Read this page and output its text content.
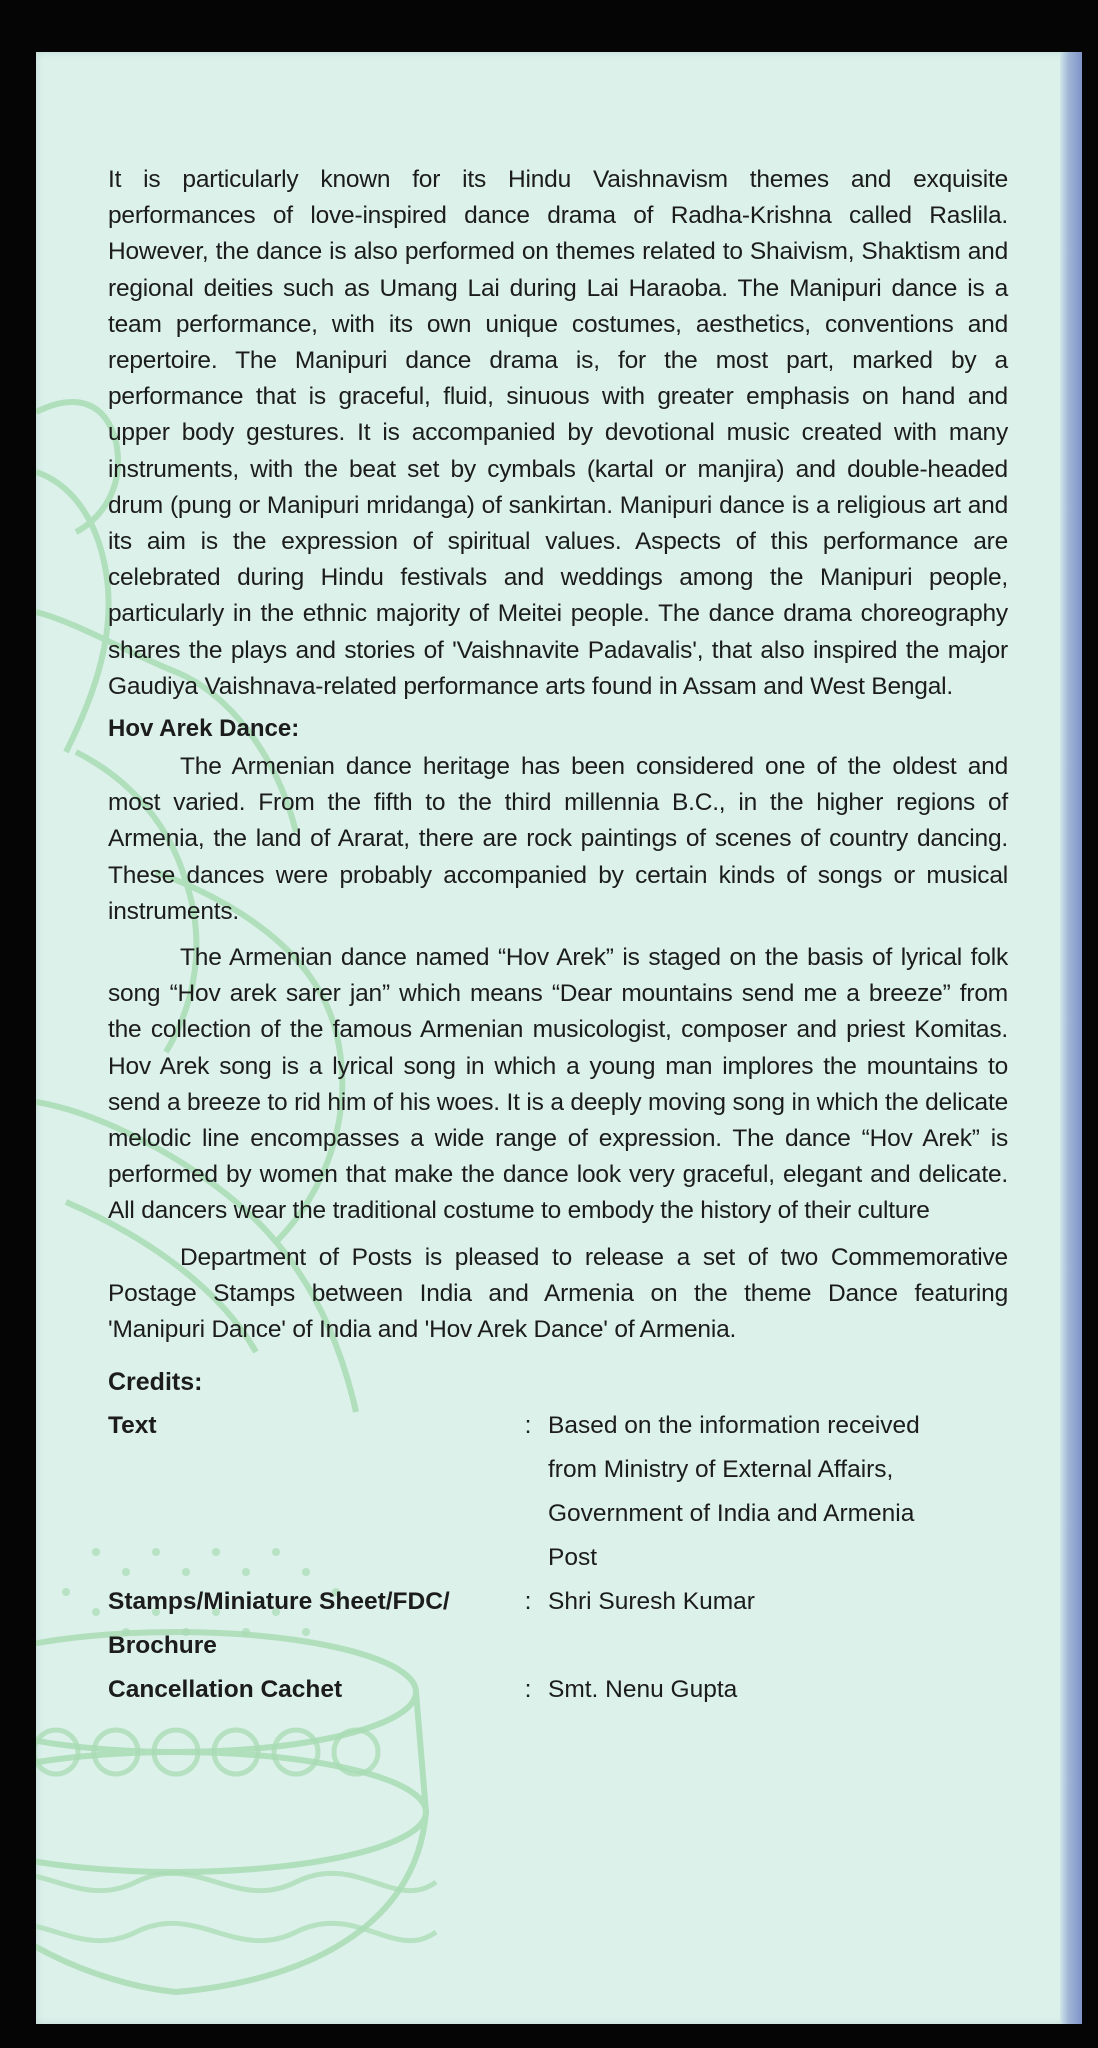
It is particularly known for its Hindu Vaishnavism themes and exquisite performances of love-inspired dance drama of Radha-Krishna called Raslila. However, the dance is also performed on themes related to Shaivism, Shaktism and regional deities such as Umang Lai during Lai Haraoba. The Manipuri dance is a team performance, with its own unique costumes, aesthetics, conventions and repertoire. The Manipuri dance drama is, for the most part, marked by a performance that is graceful, fluid, sinuous with greater emphasis on hand and upper body gestures. It is accompanied by devotional music created with many instruments, with the beat set by cymbals (kartal or manjira) and double-headed drum (pung or Manipuri mridanga) of sankirtan. Manipuri dance is a religious art and its aim is the expression of spiritual values. Aspects of this performance are celebrated during Hindu festivals and weddings among the Manipuri people, particularly in the ethnic majority of Meitei people. The dance drama choreography shares the plays and stories of 'Vaishnavite Padavalis', that also inspired the major Gaudiya Vaishnava-related performance arts found in Assam and West Bengal.

Hov Arek Dance:

The Armenian dance heritage has been considered one of the oldest and most varied. From the fifth to the third millennia B.C., in the higher regions of Armenia, the land of Ararat, there are rock paintings of scenes of country dancing. These dances were probably accompanied by certain kinds of songs or musical instruments.

The Armenian dance named “Hov Arek” is staged on the basis of lyrical folk song “Hov arek sarer jan” which means “Dear mountains send me a breeze” from the collection of the famous Armenian musicologist, composer and priest Komitas. Hov Arek song is a lyrical song in which a young man implores the mountains to send a breeze to rid him of his woes. It is a deeply moving song in which the delicate melodic line encompasses a wide range of expression. The dance “Hov Arek” is performed by women that make the dance look very graceful, elegant and delicate. All dancers wear the traditional costume to embody the history of their culture

Department of Posts is pleased to release a set of two Commemorative Postage Stamps between India and Armenia on the theme Dance featuring 'Manipuri Dance' of India and 'Hov Arek Dance' of Armenia.

Credits:
Text	: Based on the information received from Ministry of External Affairs, Government of India and Armenia Post
Stamps/Miniature Sheet/FDC/ Brochure
: Shri Suresh Kumar
Cancellation Cachet	: Smt. Nenu Gupta
